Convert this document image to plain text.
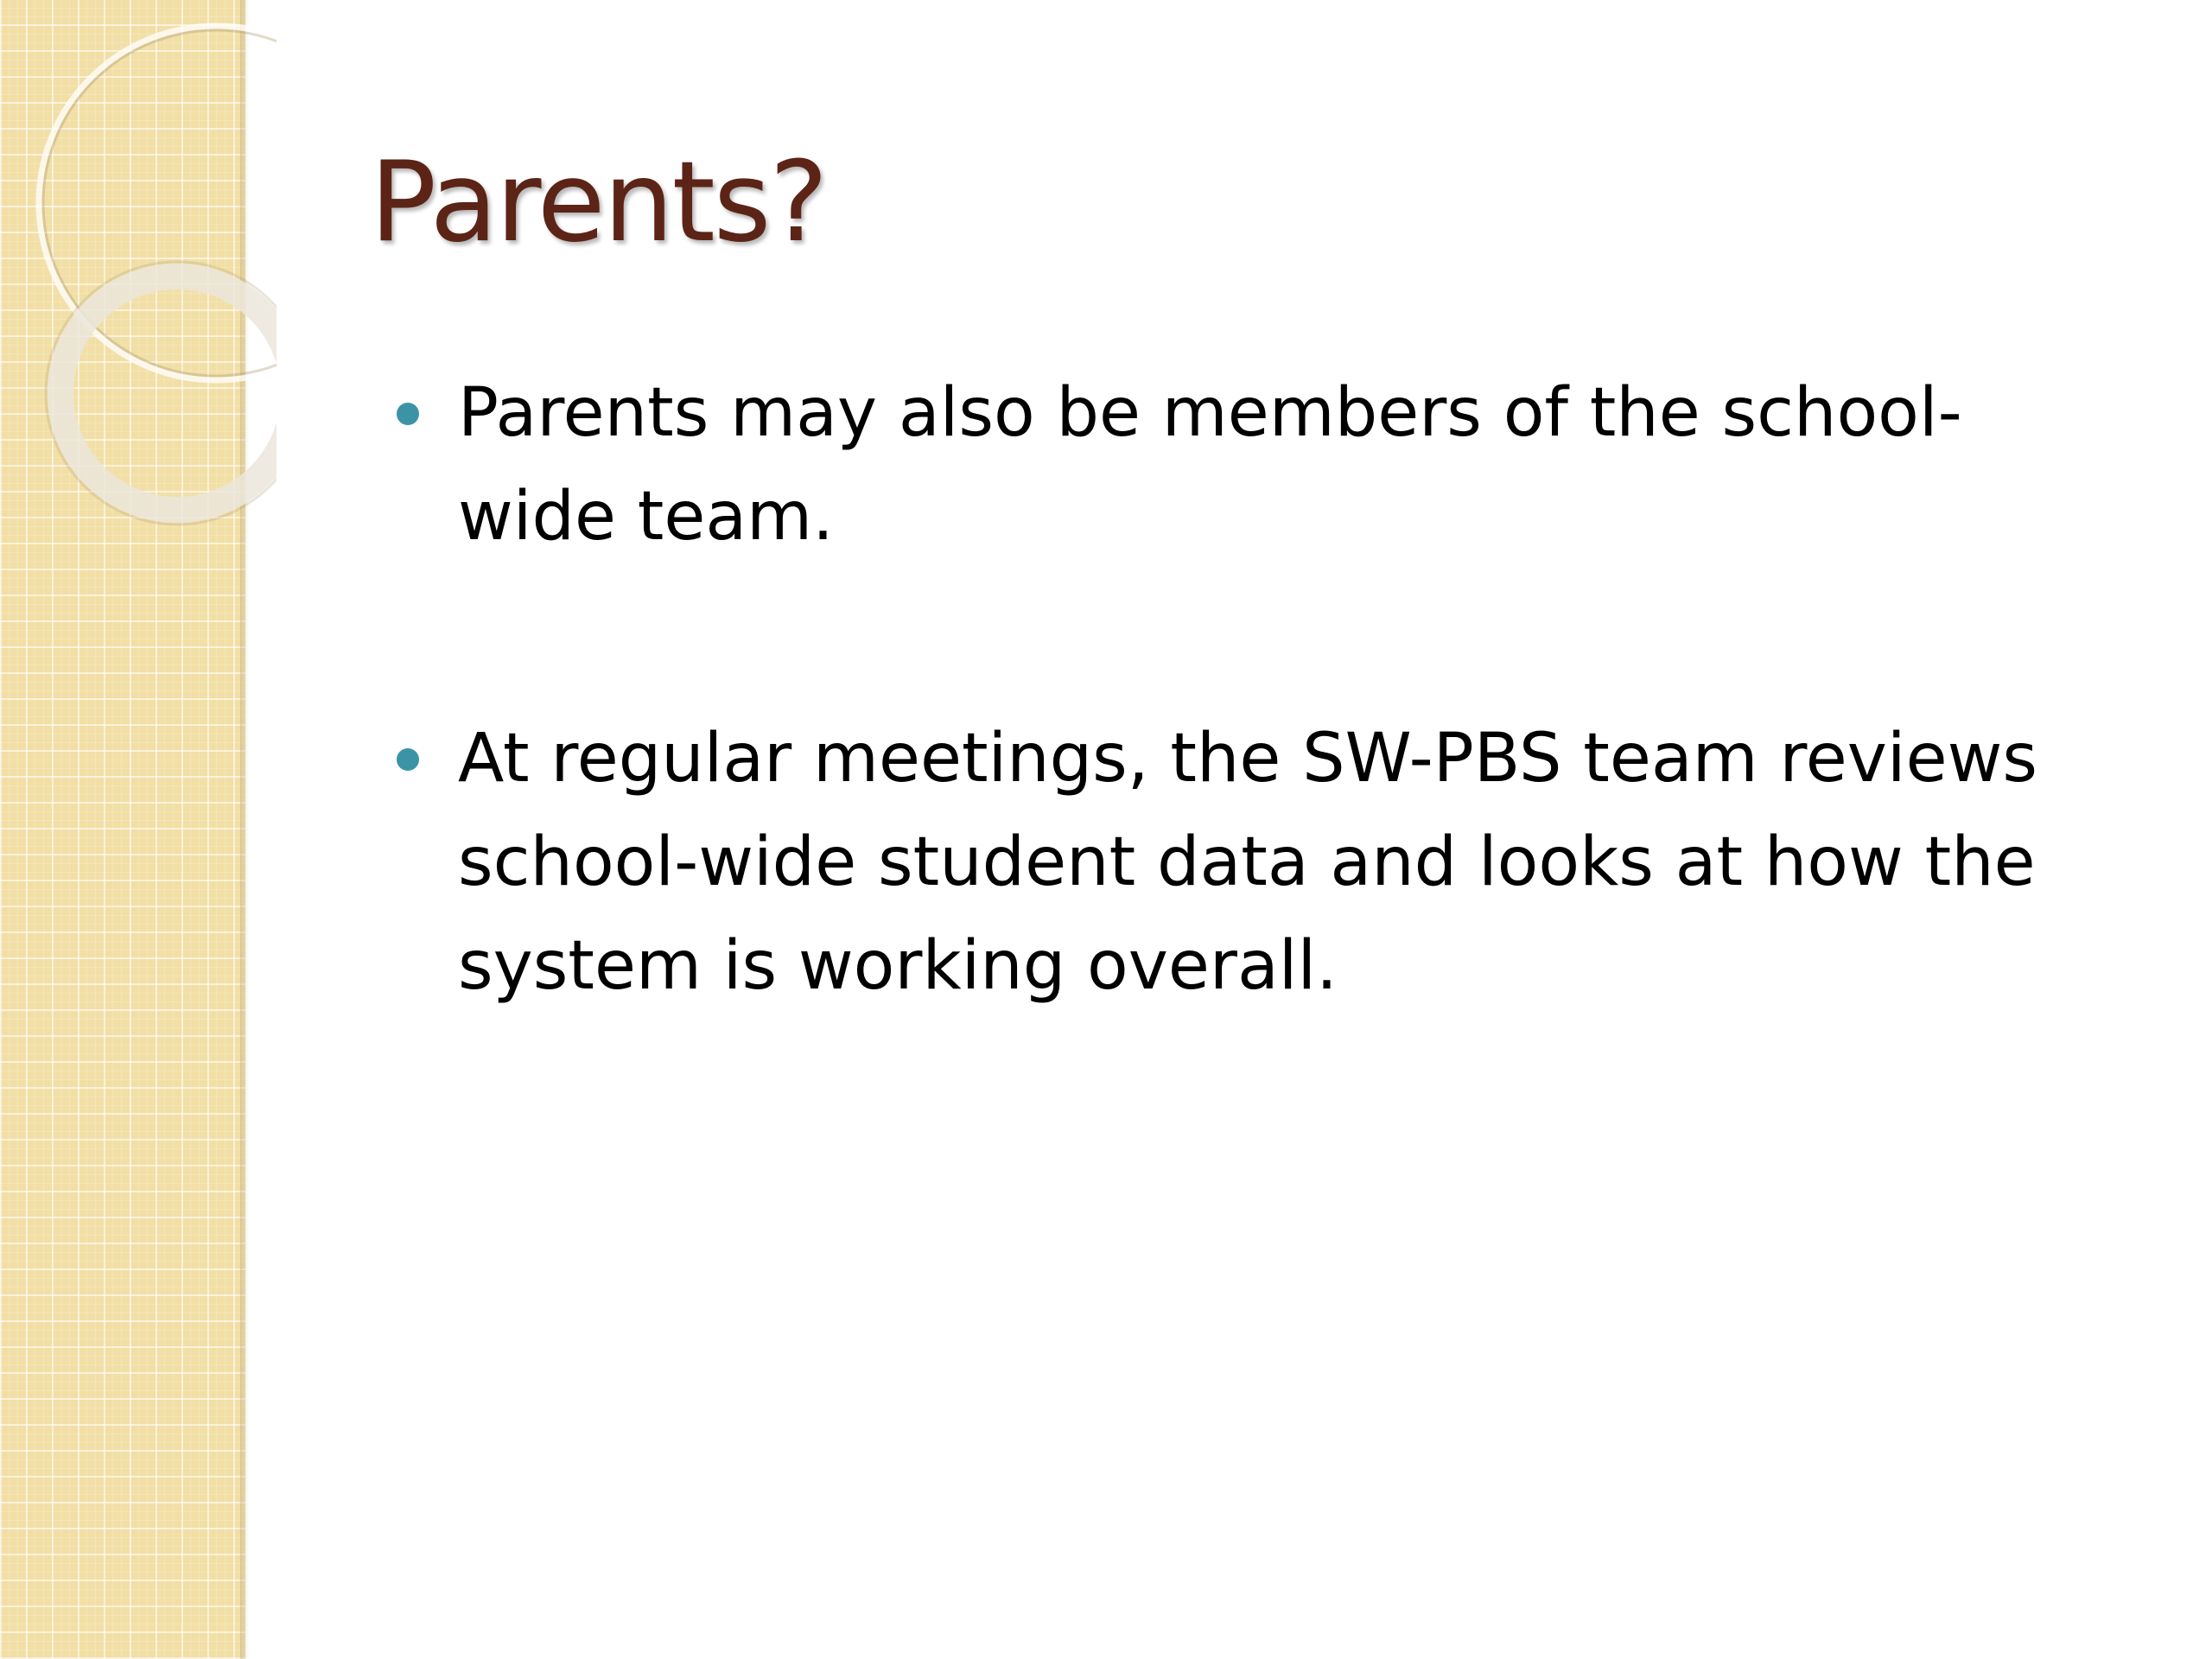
Parents?
Parents may also be members of the school-
wide team.
At regular meetings, the SW-PBS team reviews
school-wide student data and looks at how the
system is working overall.
